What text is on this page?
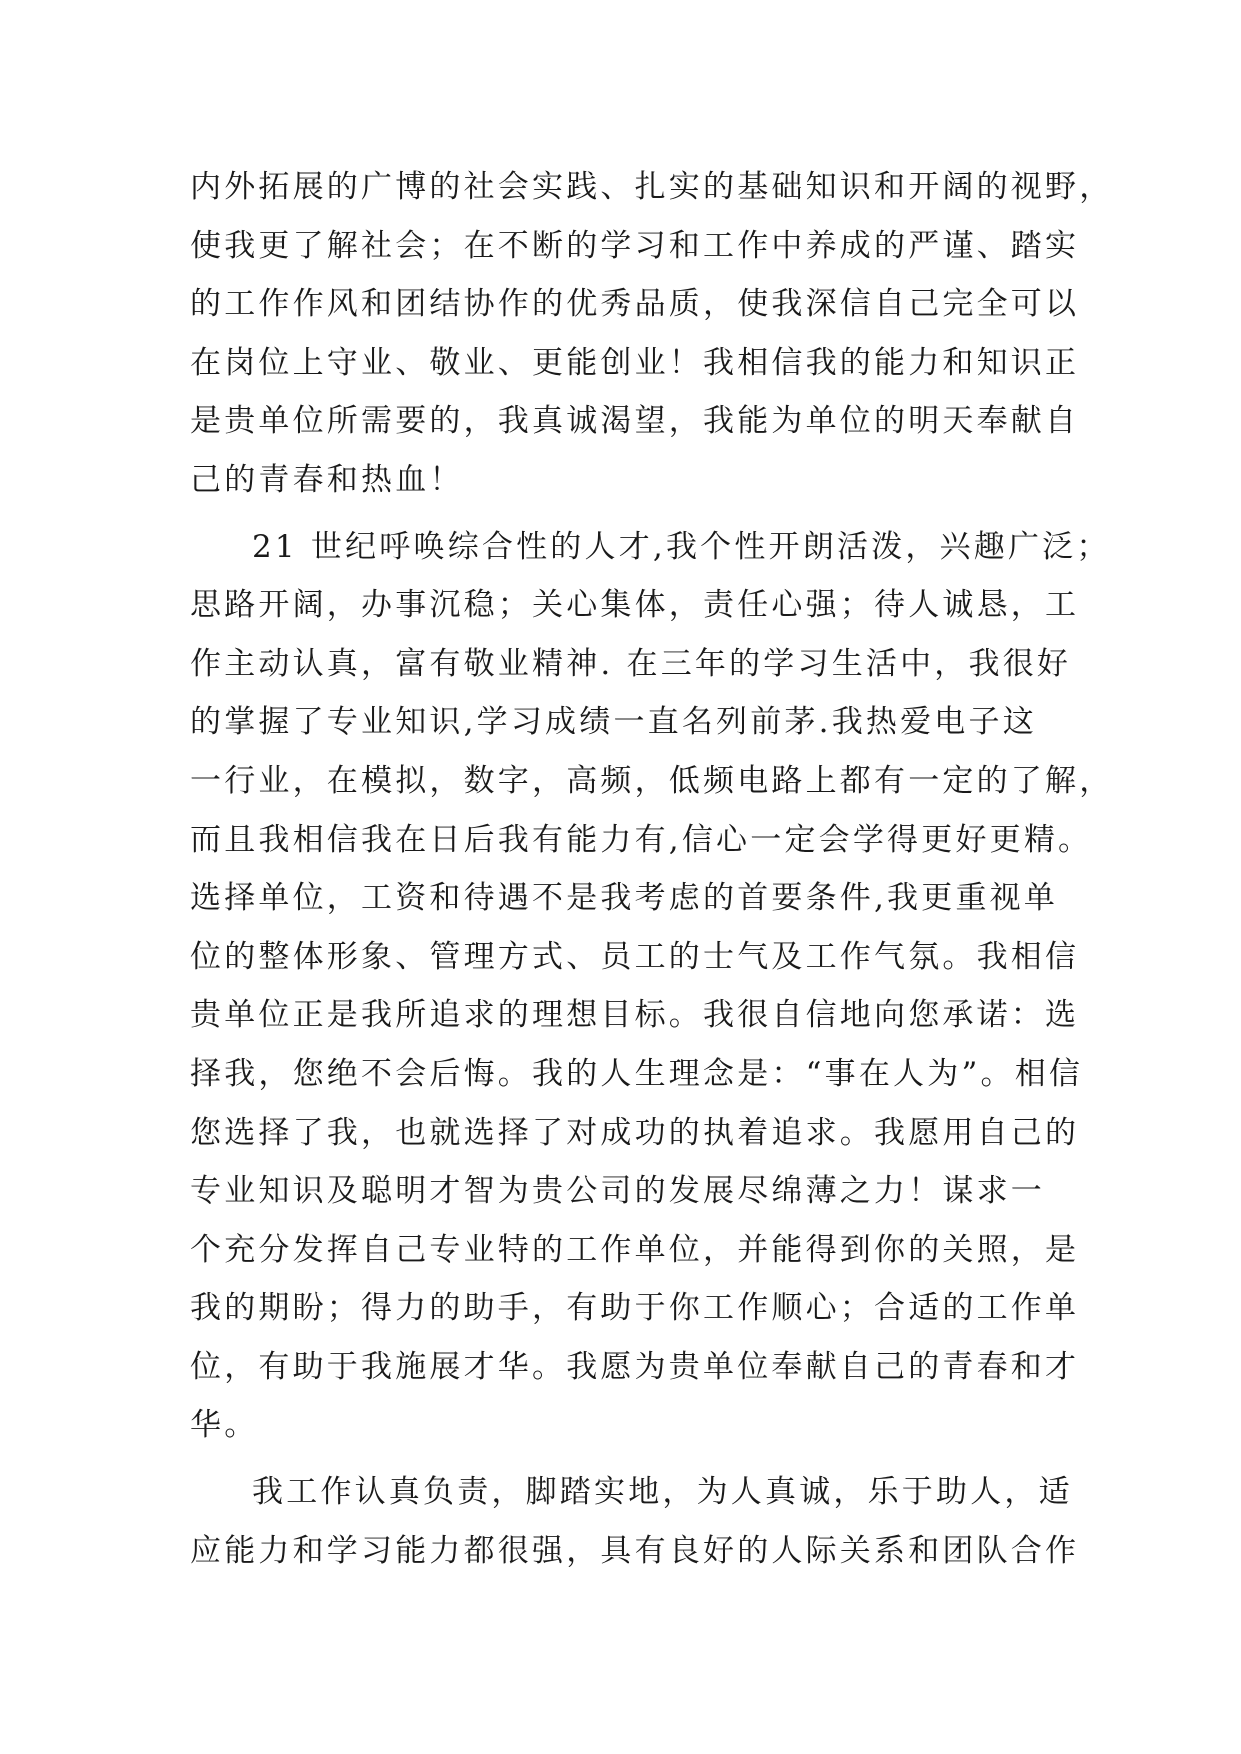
内外拓展的广博的社会实践、扎实的基础知识和开阔的视野，
使我更了解社会；在不断的学习和工作中养成的严谨、踏实
的工作作风和团结协作的优秀品质，使我深信自己完全可以
在岗位上守业、敬业、更能创业！我相信我的能力和知识正
是贵单位所需要的，我真诚渴望，我能为单位的明天奉献自
己的青春和热血！
21 世纪呼唤综合性的人才,我个性开朗活泼，兴趣广泛；
思路开阔，办事沉稳；关心集体，责任心强；待人诚恳，工
作主动认真，富有敬业精神. 在三年的学习生活中，我很好
的掌握了专业知识,学习成绩一直名列前茅.我热爱电子这
一行业，在模拟，数字，高频，低频电路上都有一定的了解，
而且我相信我在日后我有能力有,信心一定会学得更好更精。
选择单位，工资和待遇不是我考虑的首要条件,我更重视单
位的整体形象、管理方式、员工的士气及工作气氛。我相信
贵单位正是我所追求的理想目标。我很自信地向您承诺：选
择我，您绝不会后悔。我的人生理念是：“事在人为”。相信
您选择了我，也就选择了对成功的执着追求。我愿用自己的
专业知识及聪明才智为贵公司的发展尽绵薄之力！谋求一
个充分发挥自己专业特的工作单位，并能得到你的关照，是
我的期盼；得力的助手，有助于你工作顺心；合适的工作单
位，有助于我施展才华。我愿为贵单位奉献自己的青春和才
华。
我工作认真负责，脚踏实地，为人真诚，乐于助人，适
应能力和学习能力都很强，具有良好的人际关系和团队合作
